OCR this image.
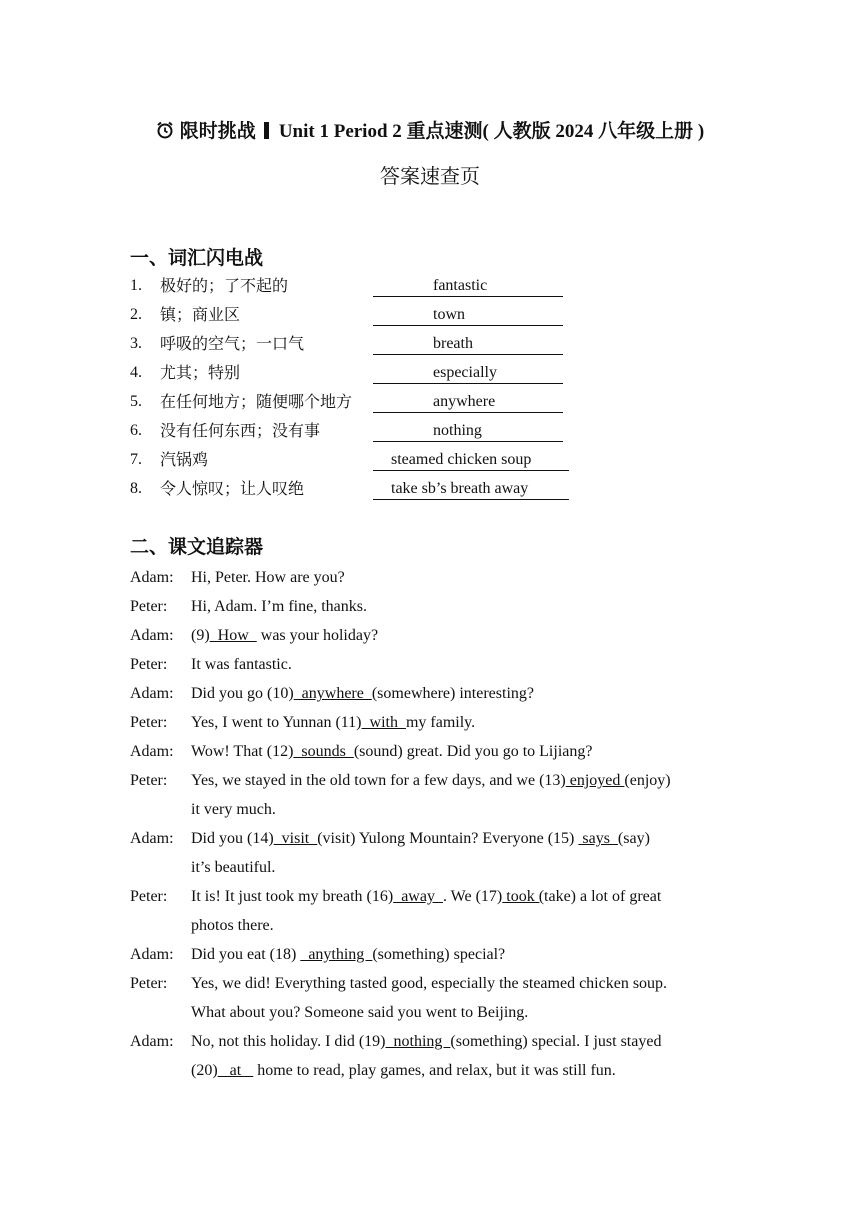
限时挑战 Unit 1 Period 2 重点速测( 人教版 2024 八年级上册 )
答案速查页
一、词汇闪电战
1. 极好的；了不起的	fantastic
2. 镇；商业区	town
3. 呼吸的空气；一口气	breath
4. 尤其；特别	especially
5. 在任何地方；随便哪个地方	anywhere
6. 没有任何东西；没有事	nothing
7. 汽锅鸡	steamed chicken soup
8. 令人惊叹；让人叹绝	take sb’s breath away
二、课文追踪器
Adam: Hi, Peter. How are you?
Peter: Hi, Adam. I’m fine, thanks.
Adam: (9)  How   was your holiday?
Peter: It was fantastic.
Adam: Did you go (10)  anywhere  (somewhere) interesting?
Peter: Yes, I went to Yunnan (11)  with  my family.
Adam: Wow! That (12)  sounds  (sound) great. Did you go to Lijiang?
Peter: Yes, we stayed in the old town for a few days, and we (13) enjoyed (enjoy)
it very much.
Adam: Did you (14)  visit  (visit) Yulong Mountain? Everyone (15)  says  (say)
it’s beautiful.
Peter: It is! It just took my breath (16)  away  . We (17) took (take) a lot of great
photos there.
Adam: Did you eat (18)   anything  (something) special?
Peter: Yes, we did! Everything tasted good, especially the steamed chicken soup.
What about you? Someone said you went to Beijing.
Adam: No, not this holiday. I did (19)  nothing  (something) special. I just stayed
(20)   at    home to read, play games, and relax, but it was still fun.
